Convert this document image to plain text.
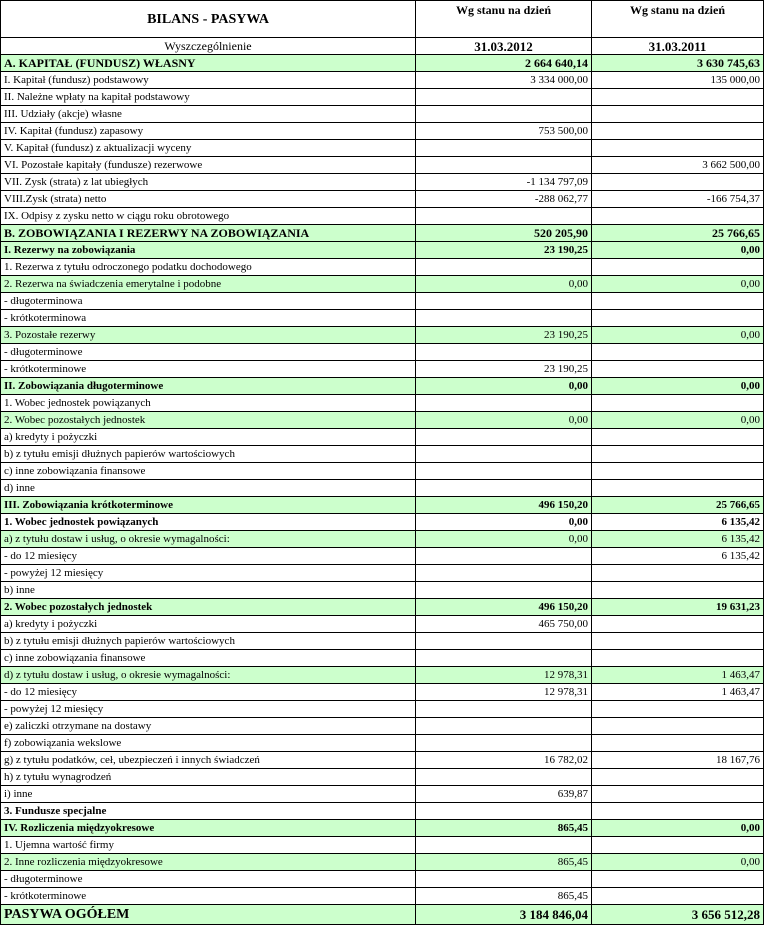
BILANS - PASYWA	Wg stanu na dzień	Wg stanu na dzień

Wyszczególnienie	31.03.2012	31.03.2011
A. KAPITAŁ (FUNDUSZ) WŁASNY	2 664 640,14	3 630 745,63
I. Kapitał (fundusz) podstawowy	3 334 000,00	135 000,00
II. Należne wpłaty na kapitał podstawowy		
III. Udziały (akcje) własne		
IV. Kapitał (fundusz) zapasowy	753 500,00	
V. Kapitał (fundusz) z aktualizacji wyceny		
VI. Pozostałe kapitały (fundusze) rezerwowe		3 662 500,00
VII. Zysk (strata) z lat ubiegłych	-1 134 797,09	
VIII.Zysk (strata) netto	-288 062,77	-166 754,37
IX. Odpisy z zysku netto w ciągu roku obrotowego		
B. ZOBOWIĄZANIA I REZERWY NA ZOBOWIĄZANIA	520 205,90	25 766,65
I. Rezerwy na zobowiązania	23 190,25	0,00
1. Rezerwa z tytułu odroczonego podatku dochodowego		
2. Rezerwa na świadczenia emerytalne i podobne	0,00	0,00
- długoterminowa		
- krótkoterminowa		
3. Pozostałe rezerwy	23 190,25	0,00
- długoterminowe		
- krótkoterminowe	23 190,25	
II. Zobowiązania długoterminowe	0,00	0,00
1. Wobec jednostek powiązanych		
2. Wobec pozostałych jednostek	0,00	0,00
a) kredyty i pożyczki		
b) z tytułu emisji dłużnych papierów wartościowych		
c) inne zobowiązania finansowe		
d) inne		
III. Zobowiązania krótkoterminowe	496 150,20	25 766,65
1. Wobec jednostek powiązanych	0,00	6 135,42
a) z tytułu dostaw i usług, o okresie wymagalności:	0,00	6 135,42
- do 12 miesięcy		6 135,42
- powyżej 12 miesięcy		
b) inne		
2. Wobec pozostałych jednostek	496 150,20	19 631,23
a) kredyty i pożyczki	465 750,00	
b) z tytułu emisji dłużnych papierów wartościowych		
c) inne zobowiązania finansowe		
d) z tytułu dostaw i usług, o okresie wymagalności:	12 978,31	1 463,47
- do 12 miesięcy	12 978,31	1 463,47
- powyżej 12 miesięcy		
e) zaliczki otrzymane na dostawy		
f) zobowiązania wekslowe		
g) z tytułu podatków, ceł, ubezpieczeń i innych świadczeń	16 782,02	18 167,76
h) z tytułu wynagrodzeń		
i) inne	639,87	
3. Fundusze specjalne		
IV. Rozliczenia międzyokresowe	865,45	0,00
1. Ujemna wartość firmy		
2. Inne rozliczenia międzyokresowe	865,45	0,00
- długoterminowe		
- krótkoterminowe	865,45	
PASYWA OGÓŁEM	3 184 846,04	3 656 512,28
